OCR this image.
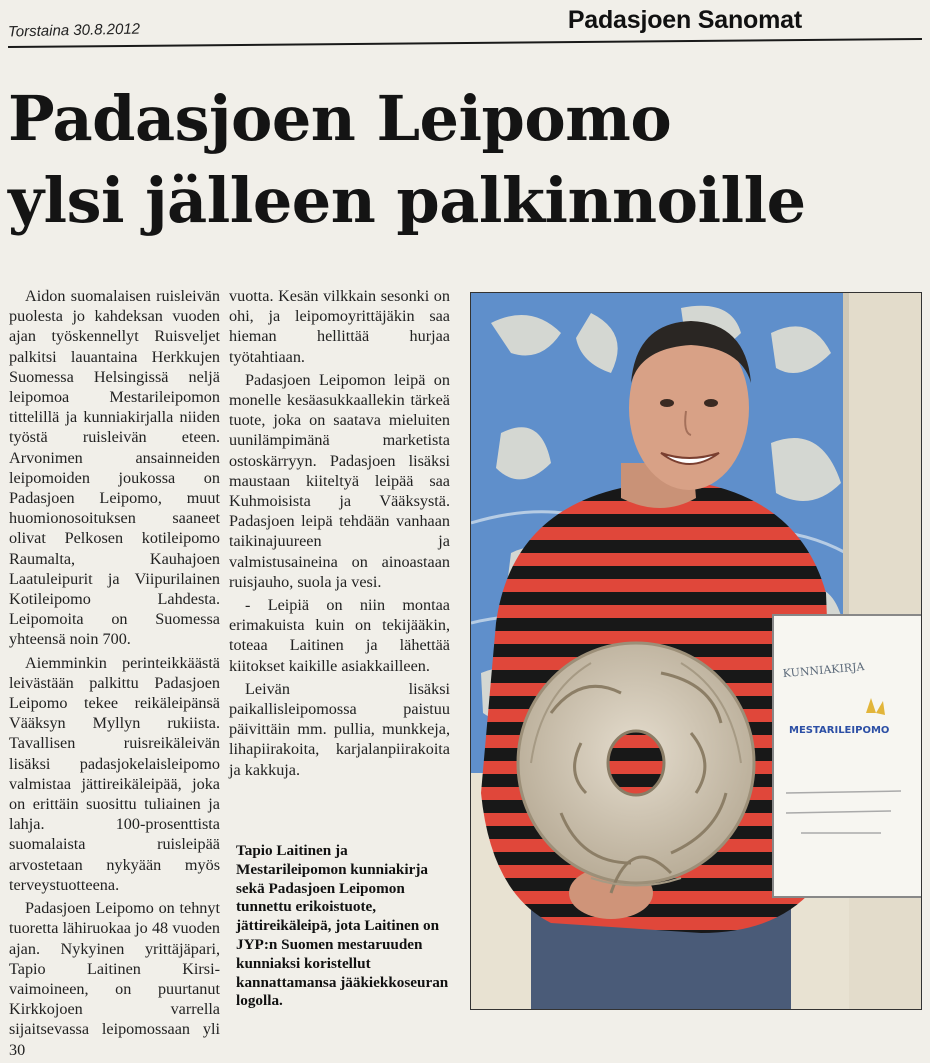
Torstaina 30.8.2012	Padasjoen Sanomat
Padasjoen Leipomo
ylsi jälleen palkinnoille

Aidon suomalaisen ruisleivän puolesta jo kahdeksan vuoden ajan työskennellyt Ruisveljet palkitsi lauantaina Herkkujen Suomessa Helsingissä neljä leipomoa Mestarileipomon tittelillä ja kunniakirjalla niiden työstä ruisleivän eteen. Arvonimen ansainneiden leipomoiden joukossa on Padasjoen Leipomo, muut huomionosoituksen saaneet olivat Pelkosen kotileipomo Raumalta, Kauhajoen Laatuleipurit ja Viipurilainen Kotileipomo Lahdesta. Leipomoita on Suomessa yhteensä noin 700.

Aiemminkin perinteikkäästä leivästään palkittu Padasjoen Leipomo tekee reikäleipänsä Vääksyn Myllyn rukiista. Tavallisen ruisreikäleivän lisäksi padasjokelaisleipomo valmistaa jättireikäleipää, joka on erittäin suosittu tuliainen ja lahja. 100-prosenttista suomalaista ruisleipää arvostetaan nykyään myös terveystuotteena.

Padasjoen Leipomo on tehnyt tuoretta lähiruokaa jo 48 vuoden ajan. Nykyinen yrittäjäpari, Tapio Laitinen Kirsi-vaimoineen, on puurtanut Kirkkojoen varrella sijaitsevassa leipomossaan yli 30

vuotta. Kesän vilkkain sesonki on ohi, ja leipomoyrittäjäkin saa hieman hellittää hurjaa työtahtiaan.

Padasjoen Leipomon leipä on monelle kesäasukkaallekin tärkeä tuote, joka on saatava mieluiten uunilämpimänä marketista ostoskärryyn. Padasjoen lisäksi maustaan kiiteltyä leipää saa Kuhmoisista ja Vääksystä. Padasjoen leipä tehdään vanhaan taikinajuureen ja valmistusaineina on ainoastaan ruisjauho, suola ja vesi.

- Leipiä on niin montaa erimakuista kuin on tekijääkin, toteaa Laitinen ja lähettää kiitokset kaikille asiakkailleen.

Leivän lisäksi paikallisleipomossa paistuu päivittäin mm. pullia, munkkeja, lihapiirakoita, karjalanpiirakoita ja kakkuja.

Tapio Laitinen ja Mestarileipomon kunniakirja sekä Padasjoen Leipomon tunnettu erikoistuote, jättireikäleipä, jota Laitinen on JYP:n Suomen mestaruuden kunniaksi koristellut kannattamansa jääkiekkoseuran logolla.

KUNNIAKIRJA
MESTARILEIPOMO
